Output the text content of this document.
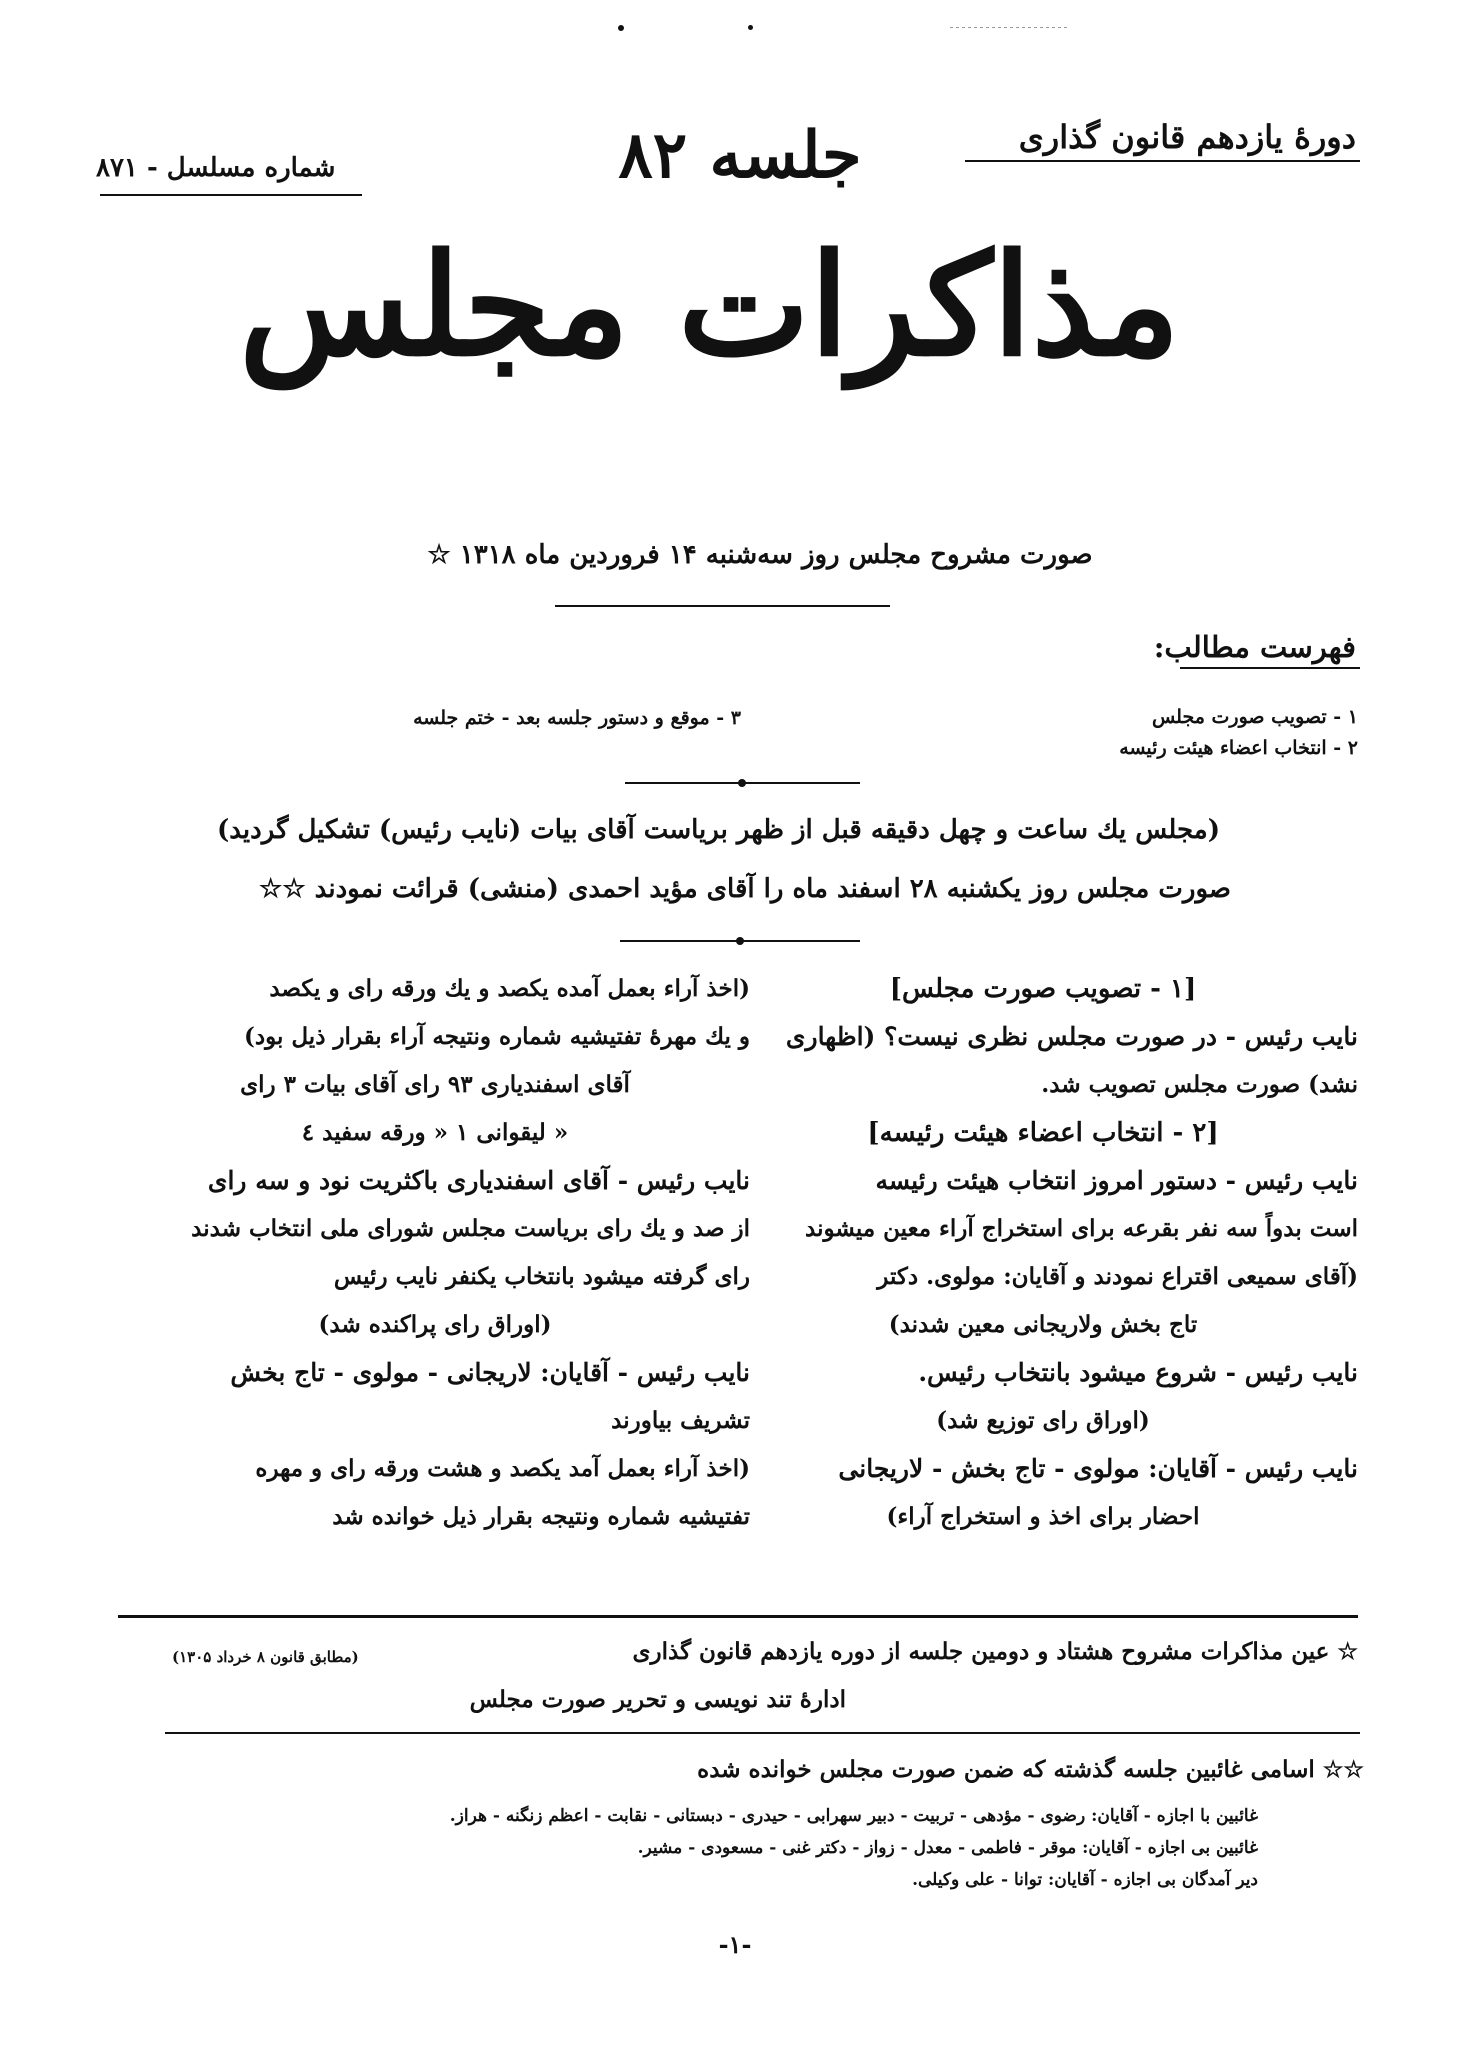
دورهٔ یازدهم قانون گذاری
جلسه ۸۲
شماره مسلسل - ۸۷۱
مذاکرات مجلس
صورت مشروح مجلس روز سه‌شنبه ۱۴ فروردین ماه ۱۳۱۸ ☆
فهرست مطالب:
۱ - تصویب صورت مجلس
۲ - انتخاب اعضاء هیئت رئیسه
۳ - موقع و دستور جلسه بعد - ختم جلسه
(مجلس یك ساعت و چهل دقیقه قبل از ظهر بریاست آقای بیات (نایب رئیس) تشکیل گردید)
صورت مجلس روز یکشنبه ۲۸ اسفند ماه را آقای مؤید احمدی (منشی) قرائت نمودند ☆☆
[۱ - تصویب صورت مجلس]
نایب رئیس - در صورت مجلس نظری نیست؟ (اظهاری
نشد) صورت مجلس تصویب شد.
[۲ - انتخاب اعضاء هیئت رئیسه]
نایب رئیس - دستور امروز انتخاب هیئت رئیسه
است بدواً سه نفر بقرعه برای استخراج آراء معین میشوند
(آقای سمیعی اقتراع نمودند و آقایان: مولوی. دکتر
تاج بخش ولاریجانی معین شدند)
نایب رئیس - شروع میشود بانتخاب رئیس.
(اوراق رای توزیع شد)
نایب رئیس - آقایان: مولوی - تاج بخش - لاریجانی
احضار برای اخذ و استخراج آراء)
(اخذ آراء بعمل آمده یکصد و یك ورقه رای و یکصد
و یك مهرهٔ تفتیشیه شماره ونتیجه آراء بقرار ذیل بود)
آقای اسفندیاری ۹۳ رای آقای بیات ۳ رای
« لیقوانی ۱ « ورقه سفید ٤
نایب رئیس - آقای اسفندیاری باکثریت نود و سه رای
از صد و یك رای بریاست مجلس شورای ملی انتخاب شدند
رای گرفته میشود بانتخاب یکنفر نایب رئیس
(اوراق رای پراکنده شد)
نایب رئیس - آقایان: لاریجانی - مولوی - تاج بخش
تشریف بیاورند
(اخذ آراء بعمل آمد یکصد و هشت ورقه رای و مهره
تفتیشیه شماره ونتیجه بقرار ذیل خوانده شد
☆ عین مذاکرات مشروح هشتاد و دومین جلسه از دوره یازدهم قانون گذاری
(مطابق قانون ۸ خرداد ۱۳۰۵)
ادارهٔ تند نویسی و تحریر صورت مجلس
☆☆ اسامی غائبین جلسه گذشته که ضمن صورت مجلس خوانده شده
غائبین با اجازه - آقایان: رضوی - مؤدهی - تربیت - دبیر سهرابی - حیدری - دبستانی - نقابت - اعظم زنگنه - هراز.
غائبین بی اجازه - آقایان: موقر - فاطمی - معدل - زواز - دکتر غنی - مسعودی - مشیر.
دیر آمدگان بی اجازه - آقایان: توانا - علی وکیلی.
-۱-
